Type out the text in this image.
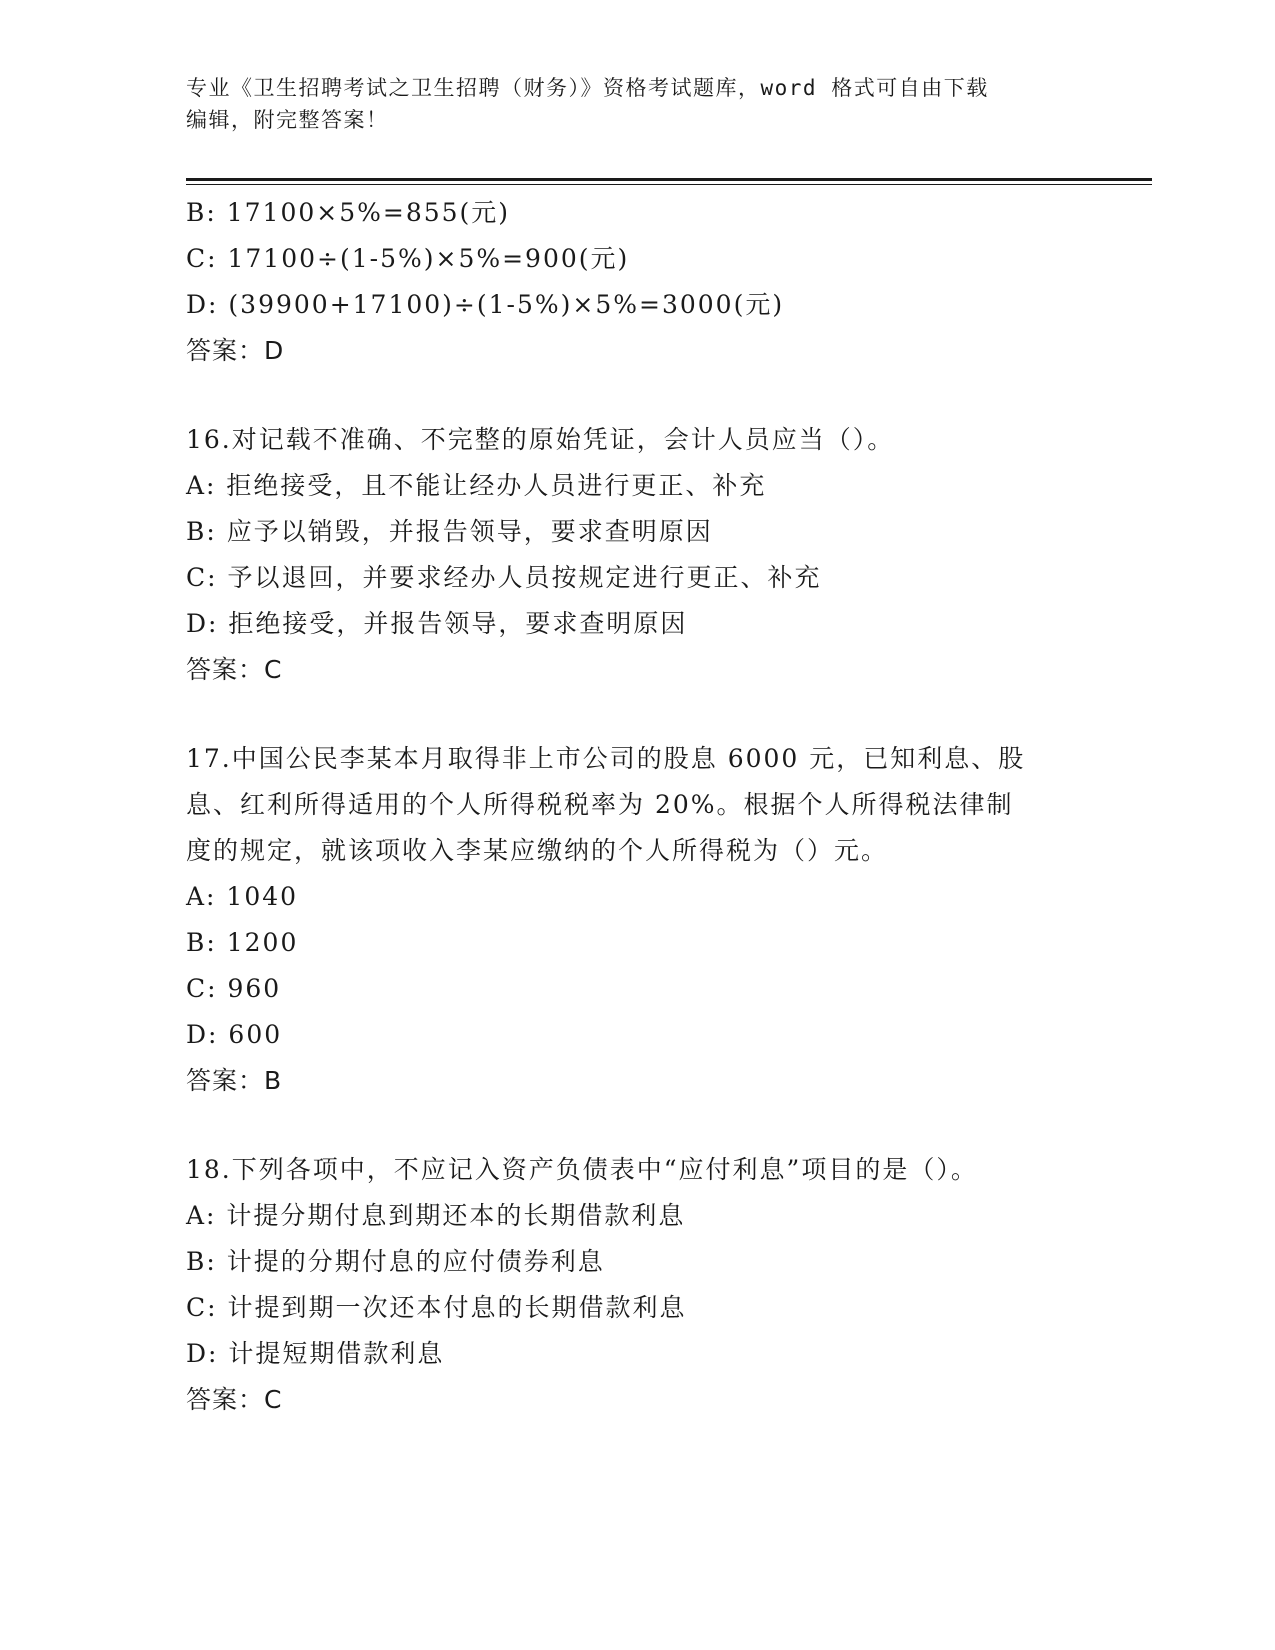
专业《卫生招聘考试之卫生招聘（财务）》资格考试题库，word 格式可自由下载
编辑，附完整答案！
B: 17100×5%=855(元)
C: 17100÷(1-5%)×5%=900(元)
D: (39900+17100)÷(1-5%)×5%=3000(元)
答案：D
16.对记载不准确、不完整的原始凭证，会计人员应当（）。
A: 拒绝接受，且不能让经办人员进行更正、补充
B: 应予以销毁，并报告领导，要求查明原因
C: 予以退回，并要求经办人员按规定进行更正、补充
D: 拒绝接受，并报告领导，要求查明原因
答案：C
17.中国公民李某本月取得非上市公司的股息 6000 元，已知利息、股
息、红利所得适用的个人所得税税率为 20%。根据个人所得税法律制
度的规定，就该项收入李某应缴纳的个人所得税为（）元。
A: 1040
B: 1200
C: 960
D: 600
答案：B
18.下列各项中，不应记入资产负债表中“应付利息”项目的是（）。
A: 计提分期付息到期还本的长期借款利息
B: 计提的分期付息的应付债券利息
C: 计提到期一次还本付息的长期借款利息
D: 计提短期借款利息
答案：C
